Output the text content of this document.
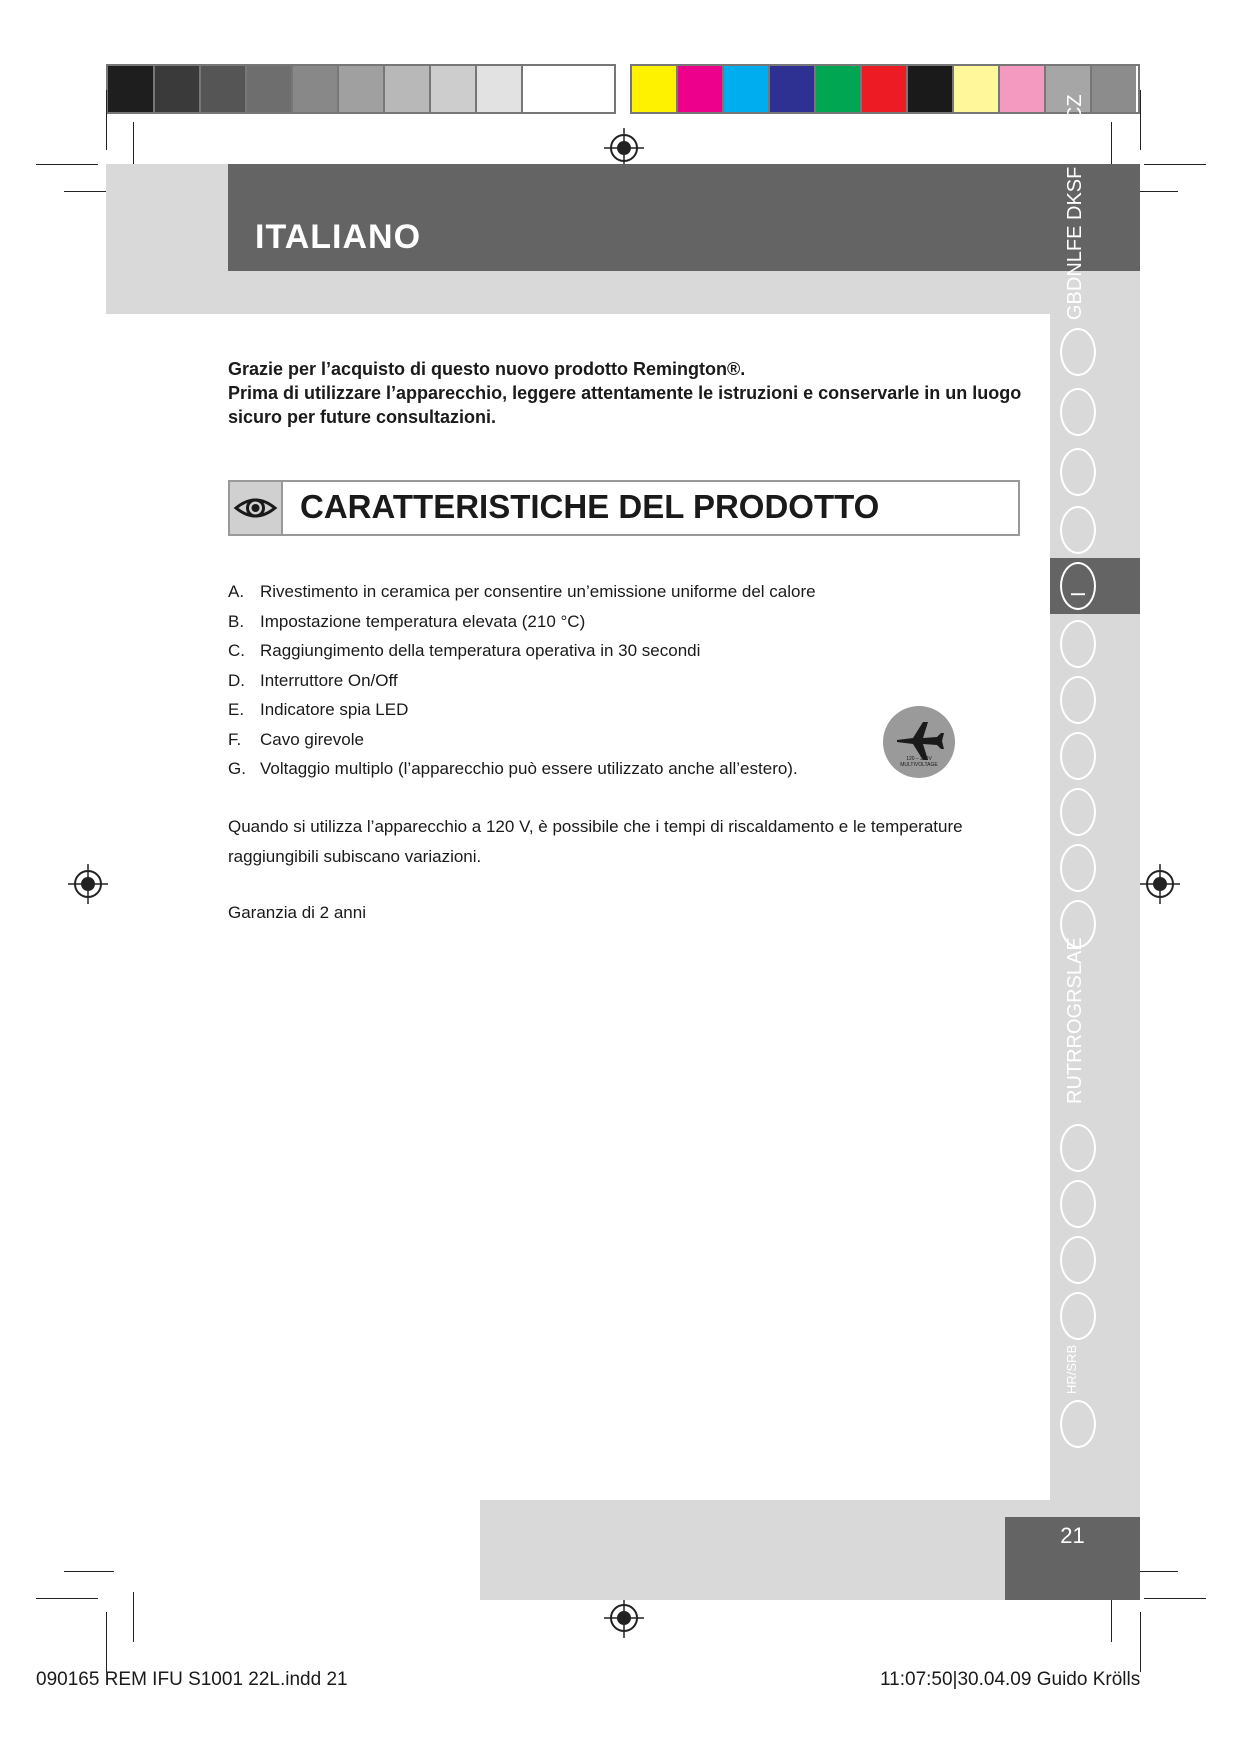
ITALIANO	GBDNLFE DKSF PSKCZ
I
RUTRROGRSLAE
HR/SRB
21

Grazie per l’acquisto di questo nuovo prodotto Remington®.

Prima di utilizzare l’apparecchio, leggere attentamente le istruzioni e conservarle in un luogo sicuro per future consultazioni.

CARATTERISTICHE DEL PRODOTTO
A. Rivestimento in ceramica per consentire un’emissione uniforme del calore
B. Impostazione temperatura elevata (210 °C)
C. Raggiungimento della temperatura operativa in 30 secondi
D. Interruttore On/Off
E. Indicatore spia LED
F.	Cavo girevole
G. Voltaggio multiplo (l’apparecchio può essere utilizzato anche all’estero).	120 – 240V MULTIVOLTAGE

Quando si utilizza l’apparecchio a 120 V, è possibile che i tempi di riscaldamento e le temperature raggiungibili subiscano variazioni.

Garanzia di 2 anni
090165 REM IFU S1001 22L.indd 21	11:07:50|30.04.09 Guido Krölls
